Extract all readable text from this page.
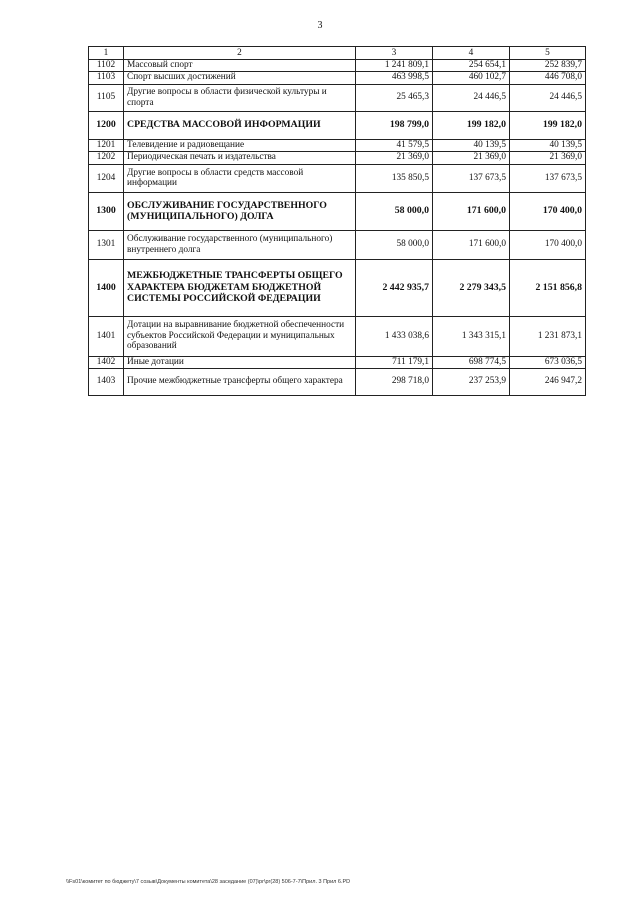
3
1	2	3	4	5
1102	Массовый спорт	1 241 809,1	254 654,1	252 839,7
1103	Спорт высших достижений	463 998,5	460 102,7	446 708,0
1105	Другие вопросы в области физической культуры и спорта	25 465,3	24 446,5	24 446,5
1200	СРЕДСТВА МАССОВОЙ ИНФОРМАЦИИ	198 799,0	199 182,0	199 182,0
1201	Телевидение и радиовещание	41 579,5	40 139,5	40 139,5
1202	Периодическая печать и издательства	21 369,0	21 369,0	21 369,0
1204	Другие вопросы в области средств массовой информации	135 850,5	137 673,5	137 673,5
1300	ОБСЛУЖИВАНИЕ ГОСУДАРСТВЕННОГО (МУНИЦИПАЛЬНОГО) ДОЛГА	58 000,0	171 600,0	170 400,0
1301	Обслуживание государственного (муниципального) внутреннего долга	58 000,0	171 600,0	170 400,0
1400	МЕЖБЮДЖЕТНЫЕ ТРАНСФЕРТЫ ОБЩЕГО ХАРАКТЕРА БЮДЖЕТАМ БЮДЖЕТНОЙ СИСТЕМЫ РОССИЙСКОЙ ФЕДЕРАЦИИ	2 442 935,7	2 279 343,5	2 151 856,8
1401	Дотации на выравнивание бюджетной обеспеченности субъектов Российской Федерации и муниципальных образований	1 433 038,6	1 343 315,1	1 231 873,1
1402	Иные дотации	711 179,1	698 774,5	673 036,5
1403	Прочие межбюджетные трансферты общего характера	298 718,0	237 253,9	246 947,2
\\Fs01\комитет по бюджету\7 созыв\Документы комитета\28 заседание (07)\pr\pr(28) 506-7-7\Прил. 3 Прил 6.PD
